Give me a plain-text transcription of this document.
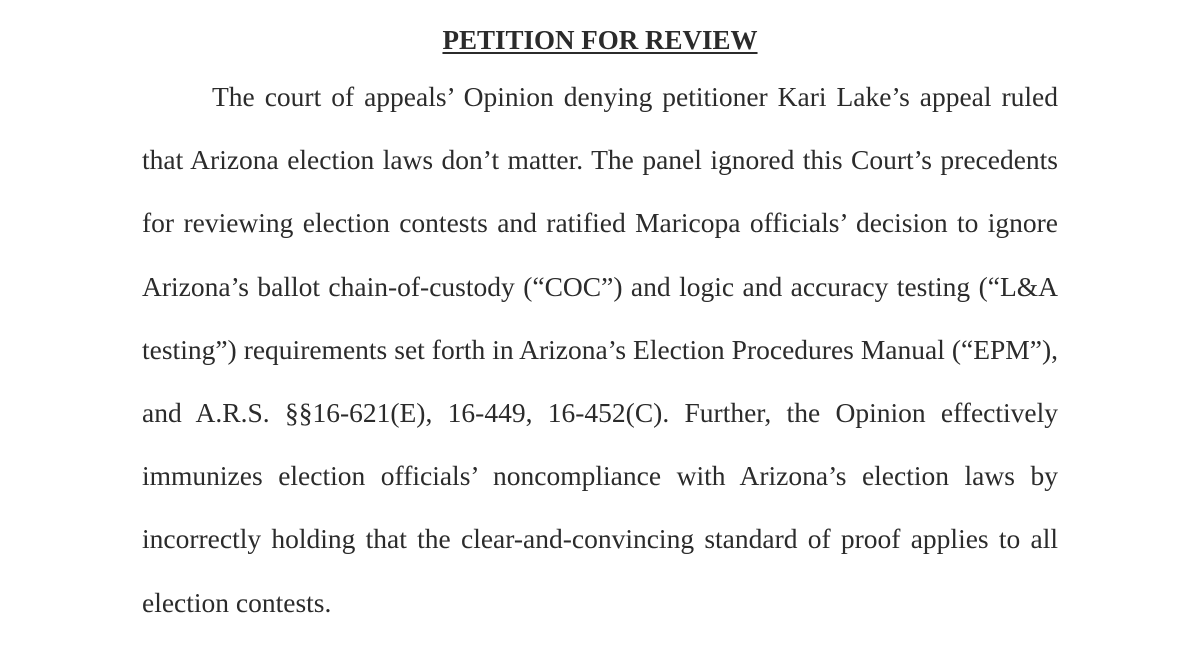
PETITION FOR REVIEW
The court of appeals’ Opinion denying petitioner Kari Lake’s appeal ruled
that Arizona election laws don’t matter. The panel ignored this Court’s precedents
for reviewing election contests and ratified Maricopa officials’ decision to ignore
Arizona’s ballot chain-of-custody (“COC”) and logic and accuracy testing (“L&A
testing”) requirements set forth in Arizona’s Election Procedures Manual (“EPM”),
and A.R.S. §§16-621(E), 16-449, 16-452(C). Further, the Opinion effectively
immunizes election officials’ noncompliance with Arizona’s election laws by
incorrectly holding that the clear-and-convincing standard of proof applies to all
election contests.
